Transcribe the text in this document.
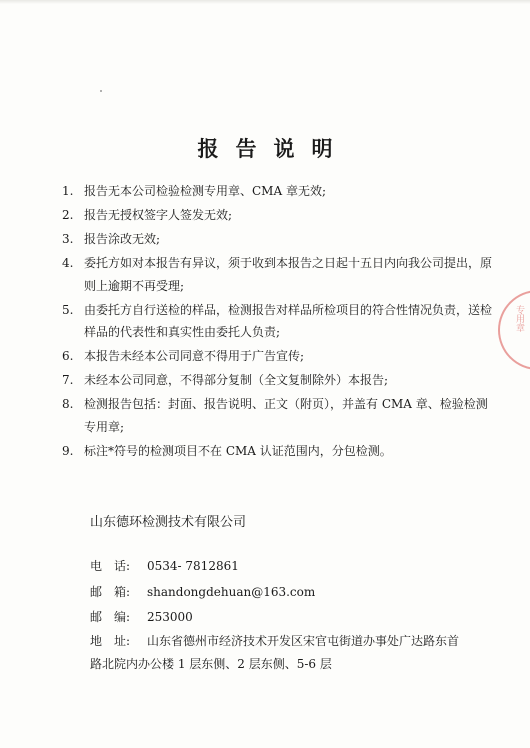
报告说明
1. 报告无本公司检验检测专用章、CMA 章无效;
2. 报告无授权签字人签发无效;
3. 报告涂改无效;
4. 委托方如对本报告有异议，须于收到本报告之日起十五日内向我公司提出，原则上逾期不再受理;
5. 由委托方自行送检的样品，检测报告对样品所检项目的符合性情况负责，送检样品的代表性和真实性由委托人负责;
6. 本报告未经本公司同意不得用于广告宣传;
7. 未经本公司同意，不得部分复制（全文复制除外）本报告;
8. 检测报告包括：封面、报告说明、正文（附页），并盖有 CMA 章、检验检测专用章;
9. 标注*符号的检测项目不在 CMA 认证范围内，分包检测。
山东德环检测技术有限公司
电　话: 0534- 7812861
邮　箱: shandongdehuan@163.com
邮　编: 253000
地　址: 山东省德州市经济技术开发区宋官屯街道办事处广达路东首
路北院内办公楼 1 层东侧、2 层东侧、5-6 层
专用章
